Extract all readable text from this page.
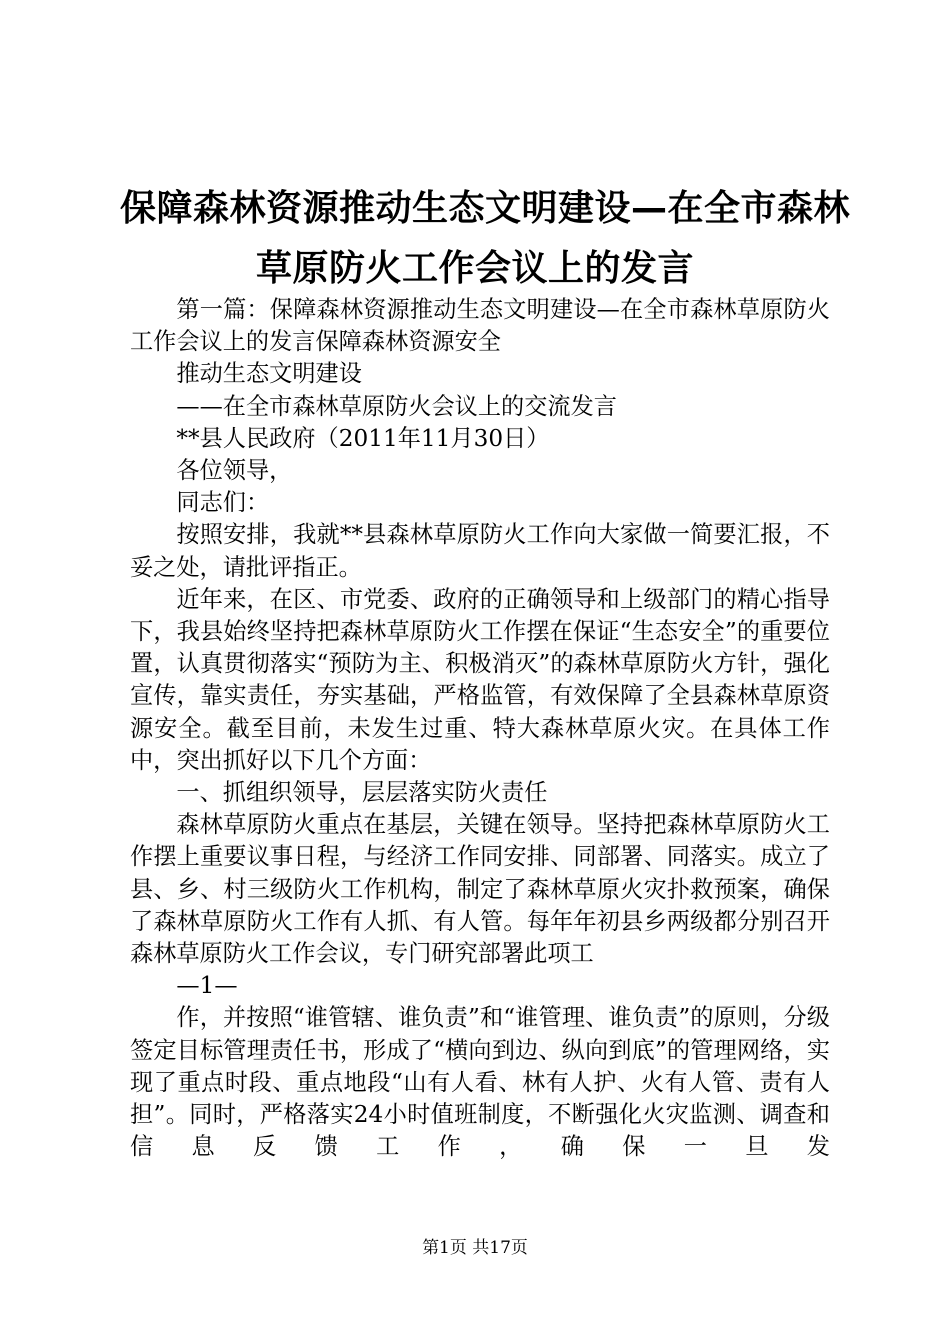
保障森林资源推动生态文明建设—在全市森林
草原防火工作会议上的发言

第一篇：保障森林资源推动生态文明建设—在全市森林草原防火工作会议上的发言保障森林资源安全

推动生态文明建设

——在全市森林草原防火会议上的交流发言

**县人民政府（2011年11月30日）

各位领导，

同志们：

按照安排，我就**县森林草原防火工作向大家做一简要汇报，不妥之处，请批评指正。

近年来，在区、市党委、政府的正确领导和上级部门的精心指导下，我县始终坚持把森林草原防火工作摆在保证“生态安全”的重要位置，认真贯彻落实“预防为主、积极消灭”的森林草原防火方针，强化宣传，靠实责任，夯实基础，严格监管，有效保障了全县森林草原资源安全。截至目前，未发生过重、特大森林草原火灾。在具体工作中，突出抓好以下几个方面：

一、抓组织领导，层层落实防火责任

森林草原防火重点在基层，关键在领导。坚持把森林草原防火工作摆上重要议事日程，与经济工作同安排、同部署、同落实。成立了县、乡、村三级防火工作机构，制定了森林草原火灾扑救预案，确保了森林草原防火工作有人抓、有人管。每年年初县乡两级都分别召开森林草原防火工作会议，专门研究部署此项工

—1—

作，并按照“谁管辖、谁负责”和“谁管理、谁负责”的原则，分级签定目标管理责任书，形成了“横向到边、纵向到底”的管理网络，实现了重点时段、重点地段“山有人看、林有人护、火有人管、责有人担”。同时，严格落实24小时值班制度，不断强化火灾监测、调查和信息反馈工作，确保一旦发

第1页 共17页
